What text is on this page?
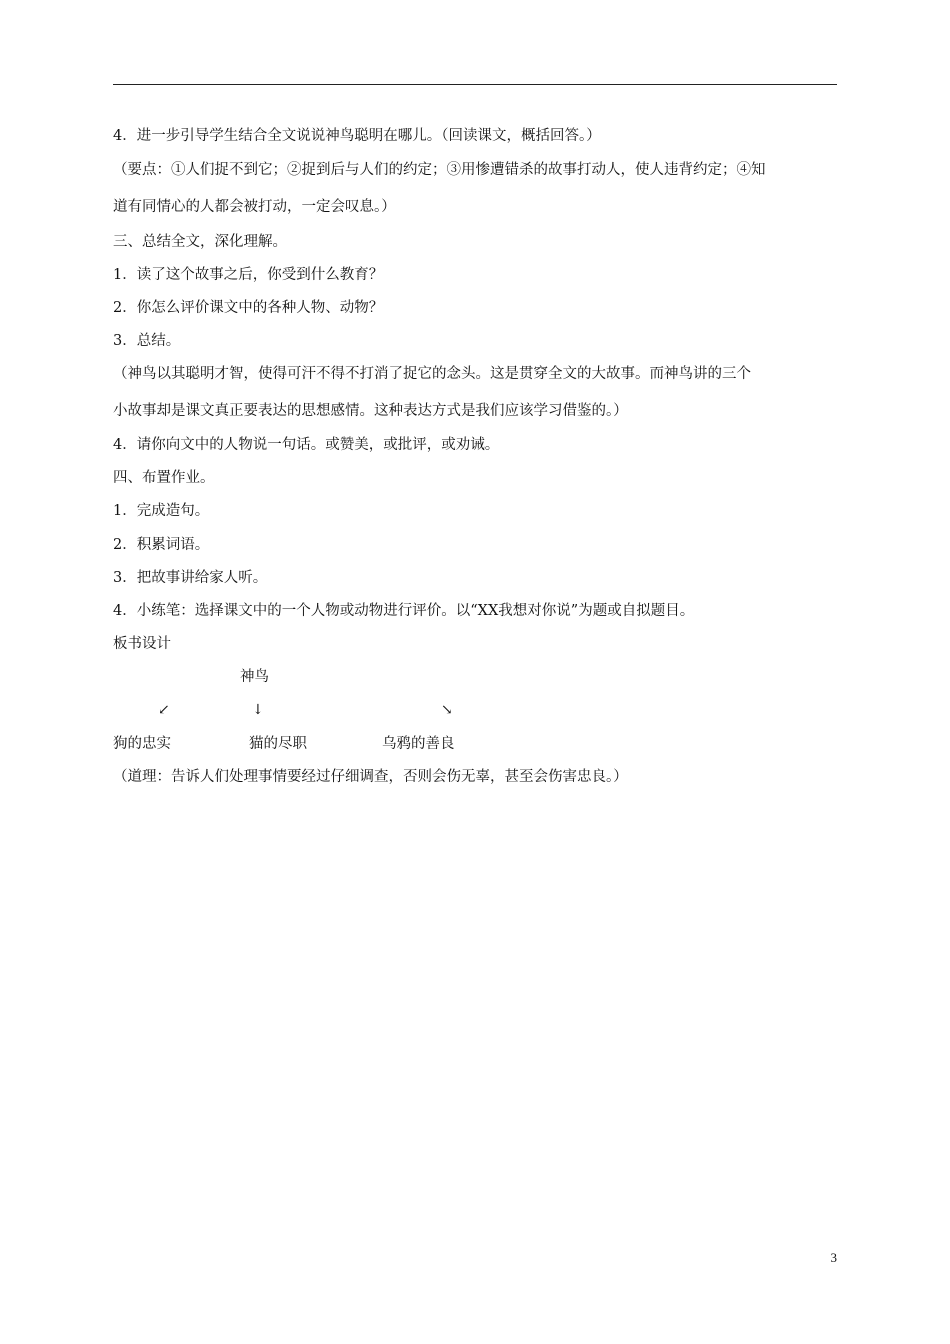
4．进一步引导学生结合全文说说神鸟聪明在哪儿。（回读课文，概括回答。）
（要点：①人们捉不到它；②捉到后与人们的约定；③用惨遭错杀的故事打动人，使人违背约定；④知
道有同情心的人都会被打动，一定会叹息。）
三、总结全文，深化理解。
1．读了这个故事之后，你受到什么教育？
2．你怎么评价课文中的各种人物、动物？
3．总结。
（神鸟以其聪明才智，使得可汗不得不打消了捉它的念头。这是贯穿全文的大故事。而神鸟讲的三个
小故事却是课文真正要表达的思想感情。这种表达方式是我们应该学习借鉴的。）
4．请你向文中的人物说一句话。或赞美，或批评，或劝诫。
四、布置作业。
1．完成造句。
2．积累词语。
3．把故事讲给家人听。
4．小练笔：选择课文中的一个人物或动物进行评价。以“XX我想对你说”为题或自拟题目。
板书设计
神鸟
↙	↓	↘
狗的忠实	猫的尽职	乌鸦的善良
（道理：告诉人们处理事情要经过仔细调查，否则会伤无辜，甚至会伤害忠良。）
3
